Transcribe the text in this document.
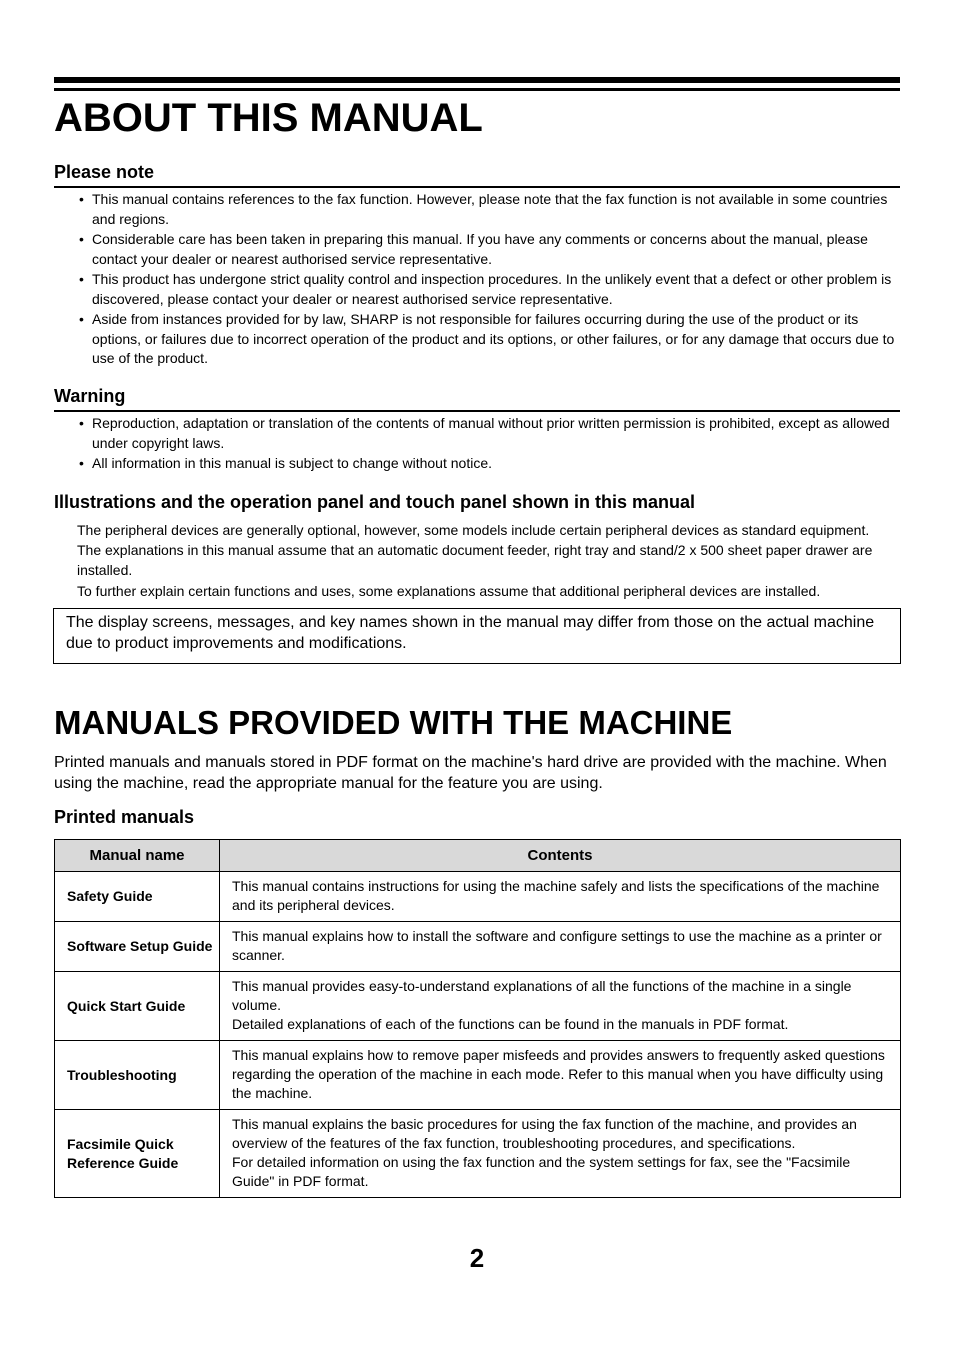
ABOUT THIS MANUAL
Please note
• This manual contains references to the fax function. However, please note that the fax function is not available in some countries and regions.
• Considerable care has been taken in preparing this manual. If you have any comments or concerns about the manual, please contact your dealer or nearest authorised service representative.
• This product has undergone strict quality control and inspection procedures. In the unlikely event that a defect or other problem is discovered, please contact your dealer or nearest authorised service representative.
• Aside from instances provided for by law, SHARP is not responsible for failures occurring during the use of the product or its options, or failures due to incorrect operation of the product and its options, or other failures, or for any damage that occurs due to use of the product.
Warning
• Reproduction, adaptation or translation of the contents of manual without prior written permission is prohibited, except as allowed under copyright laws.
• All information in this manual is subject to change without notice.
Illustrations and the operation panel and touch panel shown in this manual

The peripheral devices are generally optional, however, some models include certain peripheral devices as standard equipment.

The explanations in this manual assume that an automatic document feeder, right tray and stand/2 x 500 sheet paper drawer are installed.

To further explain certain functions and uses, some explanations assume that additional peripheral devices are installed.

The display screens, messages, and key names shown in the manual may differ from those on the actual machine due to product improvements and modifications.
MANUALS PROVIDED WITH THE MACHINE

Printed manuals and manuals stored in PDF format on the machine's hard drive are provided with the machine. When using the machine, read the appropriate manual for the feature you are using.

Printed manuals
Manual name	Contents
Safety Guide	This manual contains instructions for using the machine safely and lists the specifications of the machine and its peripheral devices.

Software Setup Guide	This manual explains how to install the software and configure settings to use the machine as a printer or scanner.

Quick Start Guide	This manual provides easy-to-understand explanations of all the functions of the machine in a single volume.
Detailed explanations of each of the functions can be found in the manuals in PDF format.

Troubleshooting	This manual explains how to remove paper misfeeds and provides answers to frequently asked questions regarding the operation of the machine in each mode. Refer to this manual when you have difficulty using the machine.

Facsimile Quick Reference Guide	This manual explains the basic procedures for using the fax function of the machine, and provides an overview of the features of the fax function, troubleshooting procedures, and specifications.
For detailed information on using the fax function and the system settings for fax, see the "Facsimile Guide" in PDF format.
2
